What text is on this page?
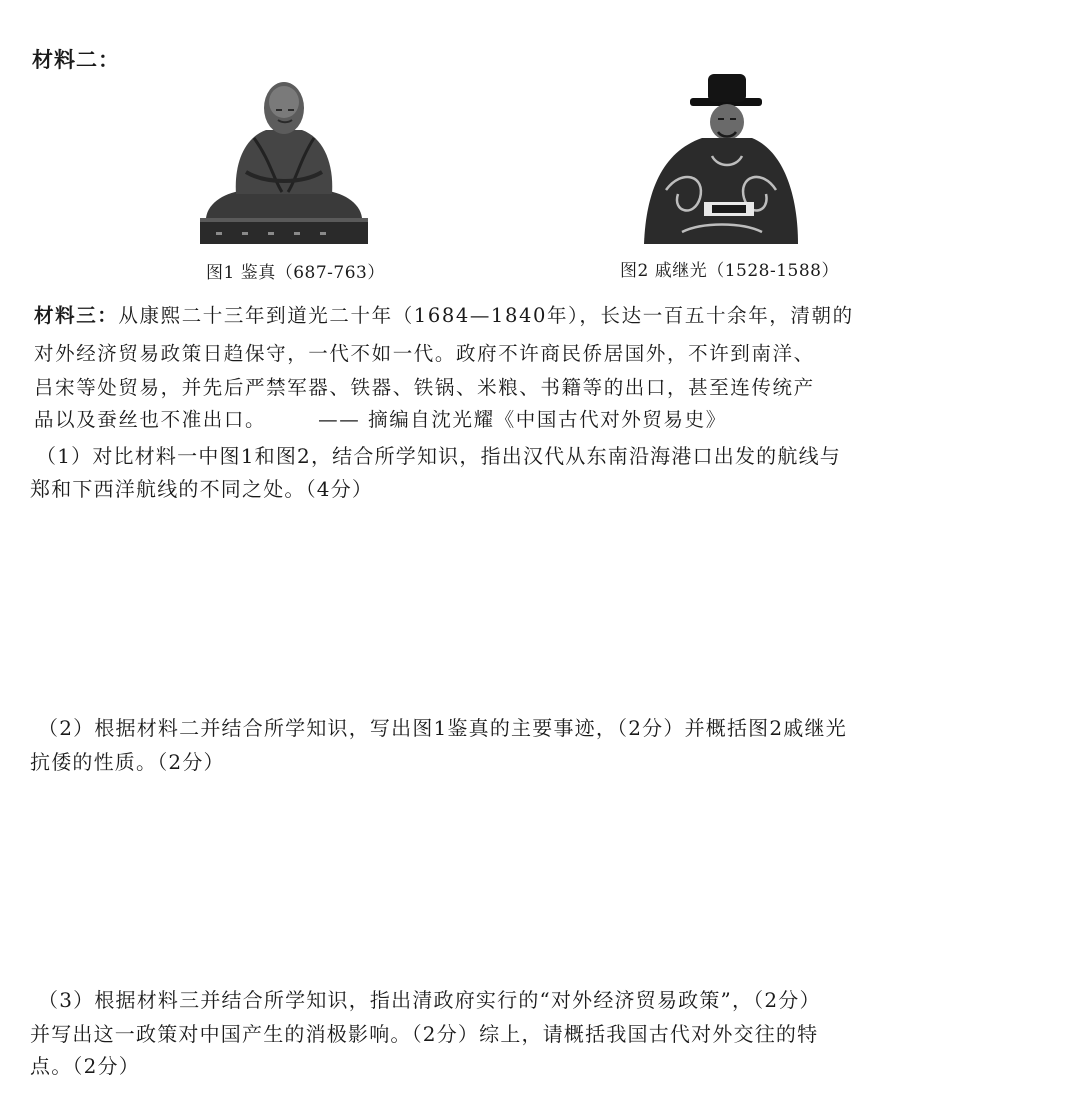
材料二：
图1 鉴真（687-763）	图2 戚继光（1528-1588）
材料三：从康熙二十三年到道光二十年（1684—1840年），长达一百五十余年，清朝的
对外经济贸易政策日趋保守，一代不如一代。政府不许商民侨居国外，不许到南洋、
吕宋等处贸易，并先后严禁军器、铁器、铁锅、米粮、书籍等的出口，甚至连传统产
品以及蚕丝也不准出口。	—— 摘编自沈光耀《中国古代对外贸易史》
（1）对比材料一中图1和图2，结合所学知识，指出汉代从东南沿海港口出发的航线与
郑和下西洋航线的不同之处。（4分）
（2）根据材料二并结合所学知识，写出图1鉴真的主要事迹，（2分）并概括图2戚继光
抗倭的性质。（2分）
（3）根据材料三并结合所学知识，指出清政府实行的“对外经济贸易政策”，（2分）
并写出这一政策对中国产生的消极影响。（2分）综上，请概括我国古代对外交往的特
点。（2分）
